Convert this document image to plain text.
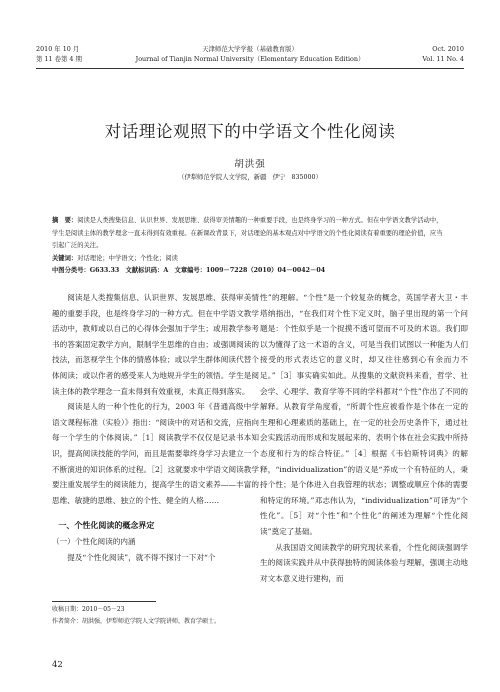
2010 年 10 月
第 11 卷第 4 期
天津师范大学学报（基础教育版）
Journal of Tianjin Normal University（Elementary Education Edition）
Oct. 2010
Vol. 11 No. 4
对话理论观照下的中学语文个性化阅读
胡洪强
（伊犁师范学院人文学院，新疆　伊宁　835000）

摘　要：阅读是人类搜集信息、认识世界、发展思维、获得审美情趣的一种重要手段，也是终身学习的一种方式。但在中学语文教学活动中，学生是阅读主体的教学理念一直未得到有效重视。在新课改背景下，对话理论的基本观点对中学语文的个性化阅读有着重要的理论价值，应当引起广泛的关注。

关键词：对话理论；中学语文；个性化；阅读

中图分类号：G633.33　文献标识码：A　文章编号：1009－7228（2010）04－0042－04

阅读是人类搜集信息、认识世界、发展思维、获得审美情趣的重要手段，也是终身学习的一种方式。但在中学语文教学活动中，教师或以自己的心得体会强加于学生；或用教学参考书的答案固定教学方向，限制学生思维的自由；或强调阅读的技法，而忽视学生个体的情感体验；或以学生群体阅读代替个体阅读；或以作者的感受来人为地规升学生的领悟。学生是阅读主体的教学理念一直未得到有效重视，未真正得到落实。

阅读是人的一种个性化的行为，2003 年《普通高级中学语文课程标准（实验）》指出：“阅读中的对话和交流，应指向每一个学生的个体阅读。”［1］阅读教学不仅仅是记录书本知识，提高阅读技能的学问，而且是需要靠终身学习去建立一个不断演进的知识体系的过程。［2］这就要求中学语文阅读教学要注重发展学生的阅读能力，提高学生的语文素养——丰富的思维、敏捷的思维、独立的个性、健全的人格……

一、个性化阅读的概念界定

（一）个性化阅读的内涵

提及“个性化阅读”，就不得不探讨一下对“个

性”的理解。“个性”是一个较复杂的概念，英国学者大卫・丰塔纳指出，“在我们对个性下定义时，脑子里出现的第一个问题是：个性似乎是一个捉摸不透可望而不可及的术语。我们即以为懂得了这一术语的含义，可是当我们试图以一种能为人们接受的形式表达它的意义时，却又往往感到心有余而力不足。”［3］事实确实如此。从搜集的文献资料来看，哲学、社会学、心理学、教育学等不同的学科都对“个性”作出了不同的解释。从教育学角度看，“所谓个性应被看作是个体在一定的生理和心理素质的基础上，在一定的社会历史条件下，通过社会实践活动而形成和发展起来的、表明个体在社会实践中所持态度和行为的综合特征。”［4］根据《韦伯斯特词典》的解释，“individualization”的语义是“养成一个有特征的人，秉持个性；是个体进入自我管理的状态；调整或顺应个体的需要和特定的环境。”邓志伟认为，“individualization”可译为“个性化”。［5］对“个性”和“个性化”的阐述为理解“个性化阅读”奠定了基础。

从我国语文阅读教学的研究现状来看，个性化阅读强调学生的阅读实践并从中获得独特的阅读体验与理解，强调主动地对文本意义进行建构，而

收稿日期：2010－05－23

作者简介：胡洪强，伊犁师范学院人文学院讲师，教育学硕士。

42
